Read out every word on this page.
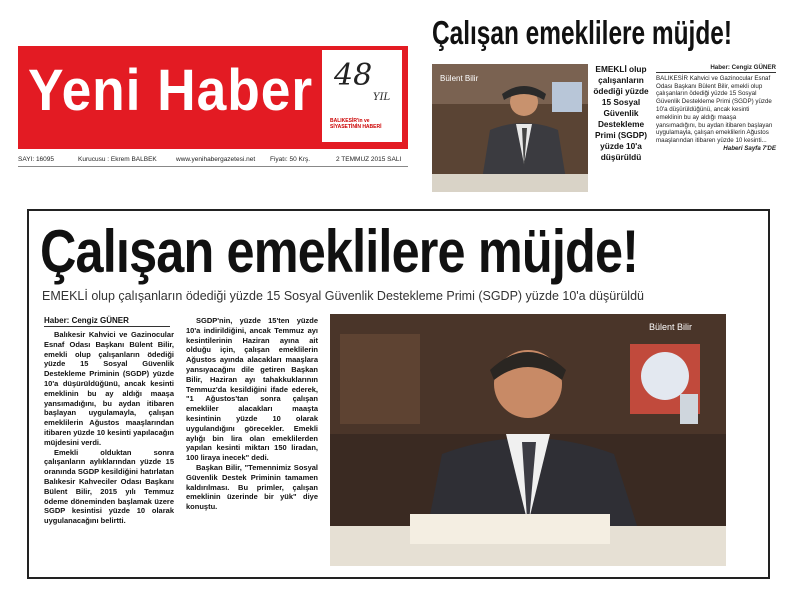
Yeni Haber 48
YIL
BALIKESİR'in ve SİYASETİNİN HABERİ
SAYI: 16095	Kurucusu : Ekrem BALBEK	www.yenihabergazetesi.net Fiyatı: 50 Krş.	2 TEMMUZ 2015 SALI
Çalışan emeklilere müjde!
Bülent Bilir
EMEKLİ olup çalışanların ödediği yüzde 15 Sosyal Güvenlik Destekleme Primi (SGDP) yüzde 10'a düşürüldü
Haber: Cengiz GÜNER
BALIKESİR Kahvici ve Gazinocular Esnaf Odası Başkanı Bülent Bilir, emekli olup çalışanların ödediği yüzde 15 Sosyal Güvenlik Destekleme Primi (SGDP) yüzde 10'a düşürüldüğünü, ancak kesinti emeklinin bu ay aldığı maaşa yansımadığını, bu aydan itibaren başlayan uygulamayla, çalışan emeklilerin Ağustos maaşlarından itibaren yüzde 10 kesinti...
Haberi Sayfa 7'DE
Çalışan emeklilere müjde!
EMEKLİ olup çalışanların ödediği yüzde 15 Sosyal Güvenlik Destekleme Primi (SGDP) yüzde 10'a düşürüldü
Haber: Cengiz GÜNER

Balıkesir Kahvici ve Gazinocular Esnaf Odası Başkanı Bülent Bilir, emekli olup çalışanların ödediği yüzde 15 Sosyal Güvenlik Destekleme Priminin (SGDP) yüzde 10'a düşürüldüğünü, ancak kesinti emeklinin bu ay aldığı maaşa yansımadığını, bu aydan itibaren başlayan uygulamayla, çalışan emeklilerin Ağustos maaşlarından itibaren yüzde 10 kesinti yapılacağın müjdesini verdi.

Emekli olduktan sonra çalışanların aylıklarından yüzde 15 oranında SGDP kesildiğini hatırlatan Balıkesir Kahveciler Odası Başkanı Bülent Bilir, 2015 yılı Temmuz ödeme döneminden başlamak üzere SGDP kesintisi yüzde 10 olarak uygulanacağını belirtti.

SGDP'nin, yüzde 15'ten yüzde 10'a indirildiğini, ancak Temmuz ayı kesintilerinin Haziran ayına ait olduğu için, çalışan emeklilerin Ağustos ayında alacakları maaşlara yansıyacağını dile getiren Başkan Bilir, Haziran ayı tahakkuklarının Temmuz'da kesildiğini ifade ederek, "1 Ağustos'tan sonra çalışan emekliler alacakları maaşta kesintinin yüzde 10 olarak uygulandığını görecekler. Emekli aylığı bin lira olan emeklilerden yapılan kesinti miktarı 150 liradan, 100 liraya inecek" dedi.

Başkan Bilir, "Temennimiz Sosyal Güvenlik Destek Priminin tamamen kaldırılması. Bu primler, çalışan emeklinin üzerinde bir yük" diye konuştu.

Bülent Bilir
